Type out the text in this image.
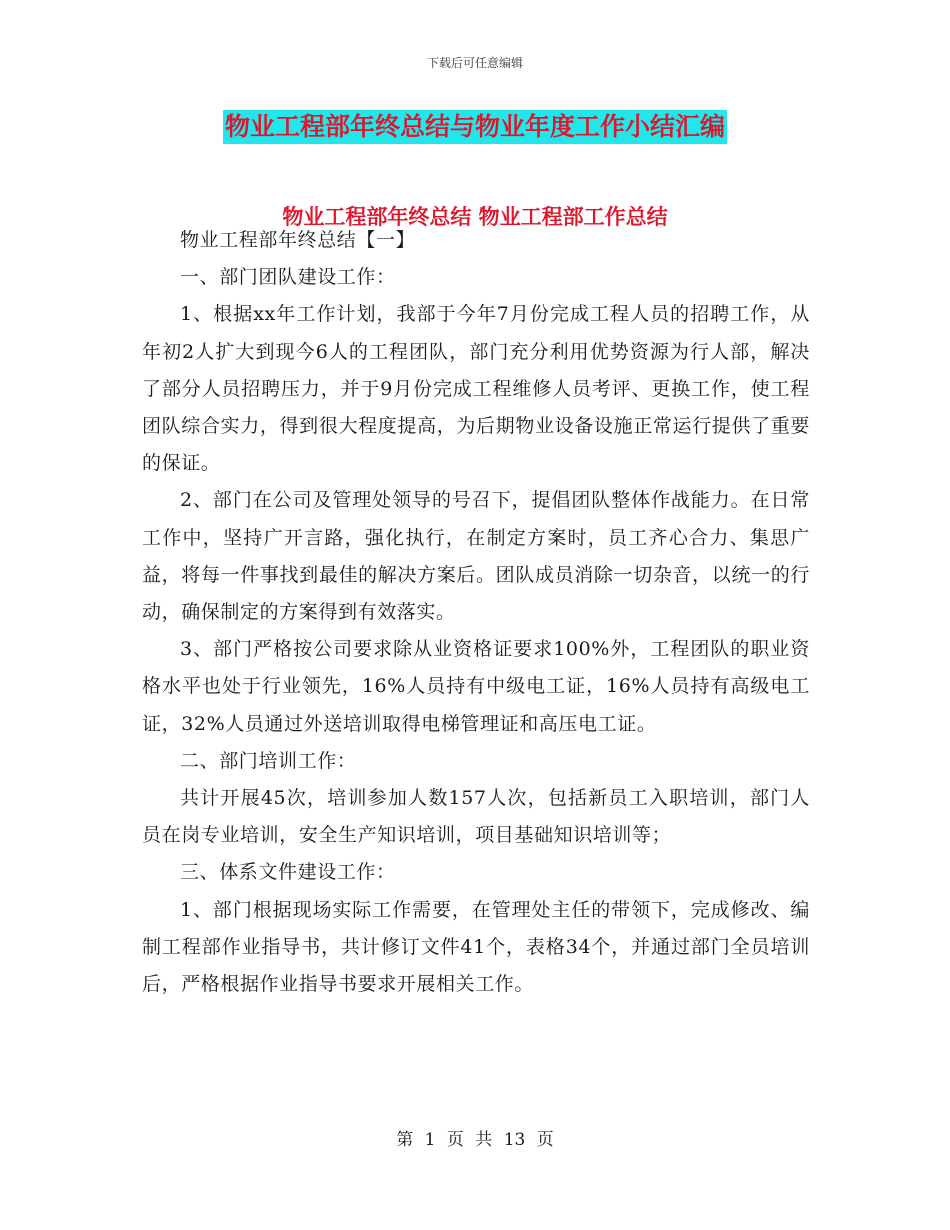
下载后可任意编辑
物业工程部年终总结与物业年度工作小结汇编
物业工程部年终总结 物业工程部工作总结

物业工程部年终总结【一】

一、部门团队建设工作：

1、根据xx年工作计划，我部于今年7月份完成工程人员的招聘工作，从年初2人扩大到现今6人的工程团队，部门充分利用优势资源为行人部，解决了部分人员招聘压力，并于9月份完成工程维修人员考评、更换工作，使工程团队综合实力，得到很大程度提高，为后期物业设备设施正常运行提供了重要的保证。

2、部门在公司及管理处领导的号召下，提倡团队整体作战能力。在日常工作中，坚持广开言路，强化执行，在制定方案时，员工齐心合力、集思广益，将每一件事找到最佳的解决方案后。团队成员消除一切杂音，以统一的行动，确保制定的方案得到有效落实。

3、部门严格按公司要求除从业资格证要求100%外，工程团队的职业资格水平也处于行业领先，16%人员持有中级电工证，16%人员持有高级电工证，32%人员通过外送培训取得电梯管理证和高压电工证。

二、部门培训工作：

共计开展45次，培训参加人数157人次，包括新员工入职培训，部门人员在岗专业培训，安全生产知识培训，项目基础知识培训等；

三、体系文件建设工作：

1、部门根据现场实际工作需要，在管理处主任的带领下，完成修改、编制工程部作业指导书，共计修订文件41个，表格34个，并通过部门全员培训后，严格根据作业指导书要求开展相关工作。

第 1 页 共 13 页
